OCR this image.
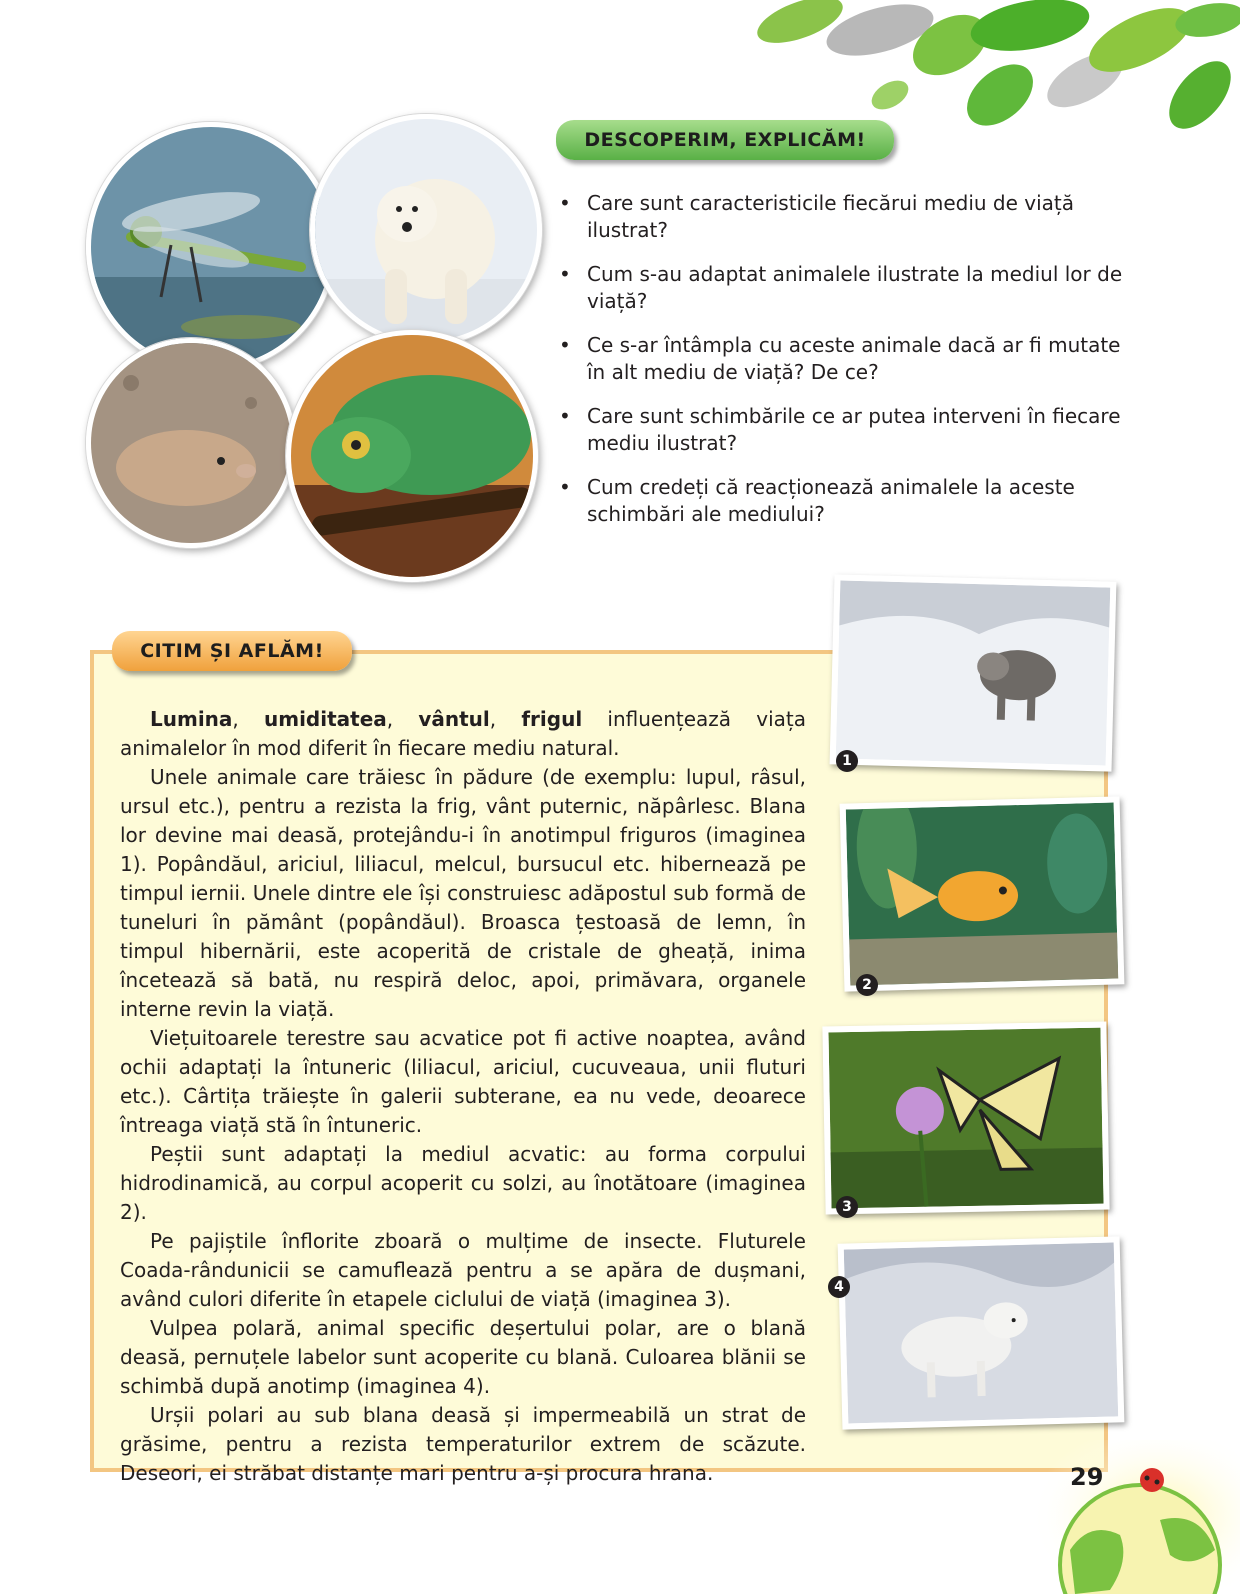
DESCOPERIM, EXPLICĂM!
• Care sunt caracteristicile fiecărui mediu de viață ilustrat?
• Cum s-au adaptat animalele ilustrate la mediul lor de viață?
• Ce s-ar întâmpla cu aceste animale dacă ar fi mutate în alt mediu de viață? De ce?
• Care sunt schimbările ce ar putea interveni în fiecare mediu ilustrat?
• Cum credeți că reacționează animalele la aceste schimbări ale mediului?
CITIM ȘI AFLĂM!

Lumina, umiditatea, vântul, frigul influențează viața animalelor în mod diferit în fiecare mediu natural.

Unele animale care trăiesc în pădure (de exemplu: lupul, râsul, ursul etc.), pentru a rezista la frig, vânt puternic, năpârlesc. Blana lor devine mai deasă, protejându-i în anotimpul friguros (imaginea 1). Popândăul, ariciul, liliacul, melcul, bursucul etc. hibernează pe timpul iernii. Unele dintre ele își construiesc adăpostul sub formă de tuneluri în pământ (popândăul). Broasca țestoasă de lemn, în timpul hibernării, este acoperită de cristale de gheață, inima încetează să bată, nu respiră deloc, apoi, primăvara, organele interne revin la viață.

Viețuitoarele terestre sau acvatice pot fi active noaptea, având ochii adaptați la întuneric (liliacul, ariciul, cucuveaua, unii fluturi etc.). Cârtița trăiește în galerii subterane, ea nu vede, deoarece întreaga viață stă în întuneric.

Peștii sunt adaptați la mediul acvatic: au forma corpului hidrodinamică, au corpul acoperit cu solzi, au înotătoare (imaginea 2).

Pe pajiștile înflorite zboară o mulțime de insecte. Fluturele Coada-rândunicii se camuflează pentru a se apăra de dușmani, având culori diferite în etapele ciclului de viață (imaginea 3).

Vulpea polară, animal specific deșertului polar, are o blană deasă, pernuțele labelor sunt acoperite cu blană. Culoarea blănii se schimbă după anotimp (imaginea 4).

Urșii polari au sub blana deasă și impermeabilă un strat de grăsime, pentru a rezista temperaturilor extrem de scăzute. Deseori, ei străbat distanțe mari pentru a-și procura hrana.

1
2
3
4
29
